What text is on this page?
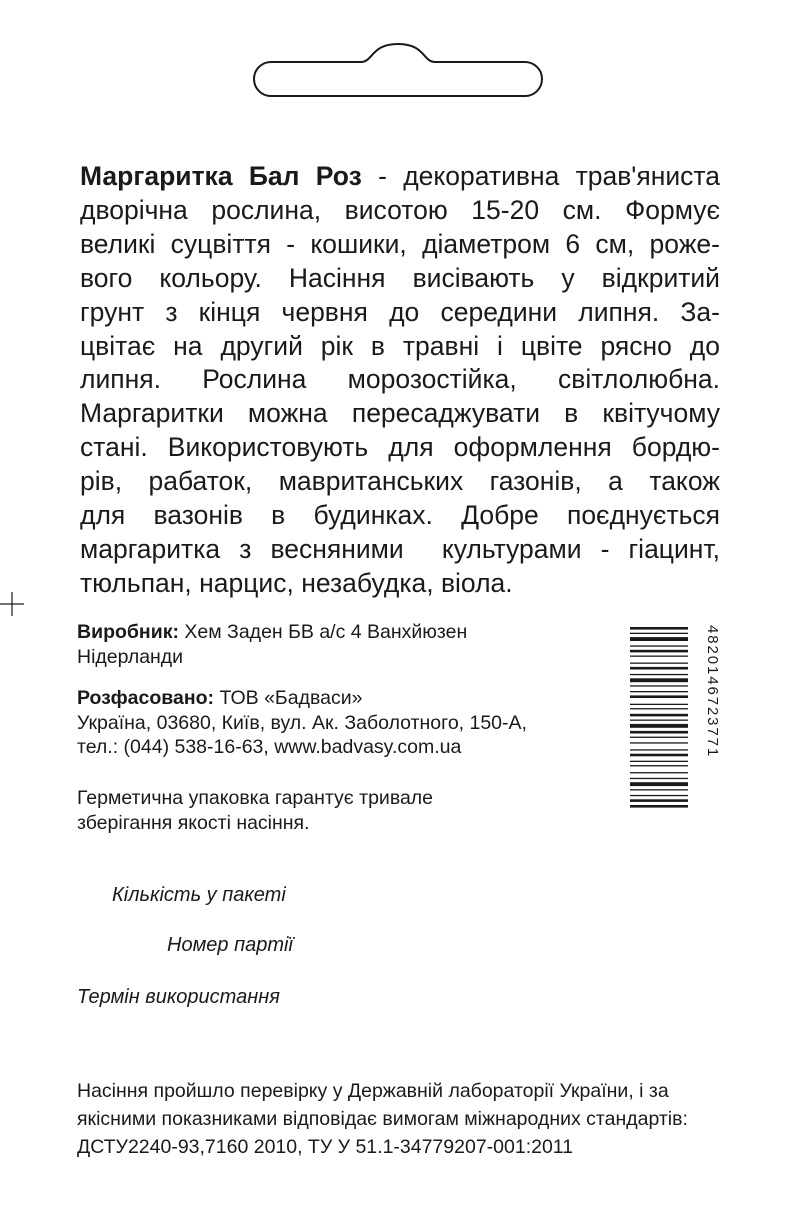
Маргаритка Бал Роз - декоративна трав'яниста
дворічна рослина, висотою 15-20 см. Формує
великі суцвіття - кошики, діаметром 6 см, роже-
вого кольору. Насіння висівають у відкритий
грунт з кінця червня до середини липня. За-
цвітає на другий рік в травні і цвіте рясно до
липня. Рослина морозостійка, світлолюбна.
Маргаритки можна пересаджувати в квітучому
стані. Використовують для оформлення бордю-
рів, рабаток, мавританських газонів, а також
для вазонів в будинках. Добре поєднується
маргаритка з весняними  культурами - гіацинт,
тюльпан, нарцис, незабудка, віола.
Виробник: Хем Заден БВ а/с 4 Ванхйюзен
Нідерланди
Розфасовано: ТОВ «Бадваси»
Україна, 03680, Київ, вул. Ак. Заболотного, 150-А,
тел.: (044) 538-16-63, www.badvasy.com.ua
Герметична упаковка гарантує тривале
зберігання якості насіння.
Кількість у пакеті
Номер партії
Термін використання
Насіння пройшло перевірку у Державній лабораторії України, і за
якісними показниками відповідає вимогам міжнародних стандартів:
ДСТУ2240-93,7160 2010, ТУ У 51.1-34779207-001:2011
4820146723771
